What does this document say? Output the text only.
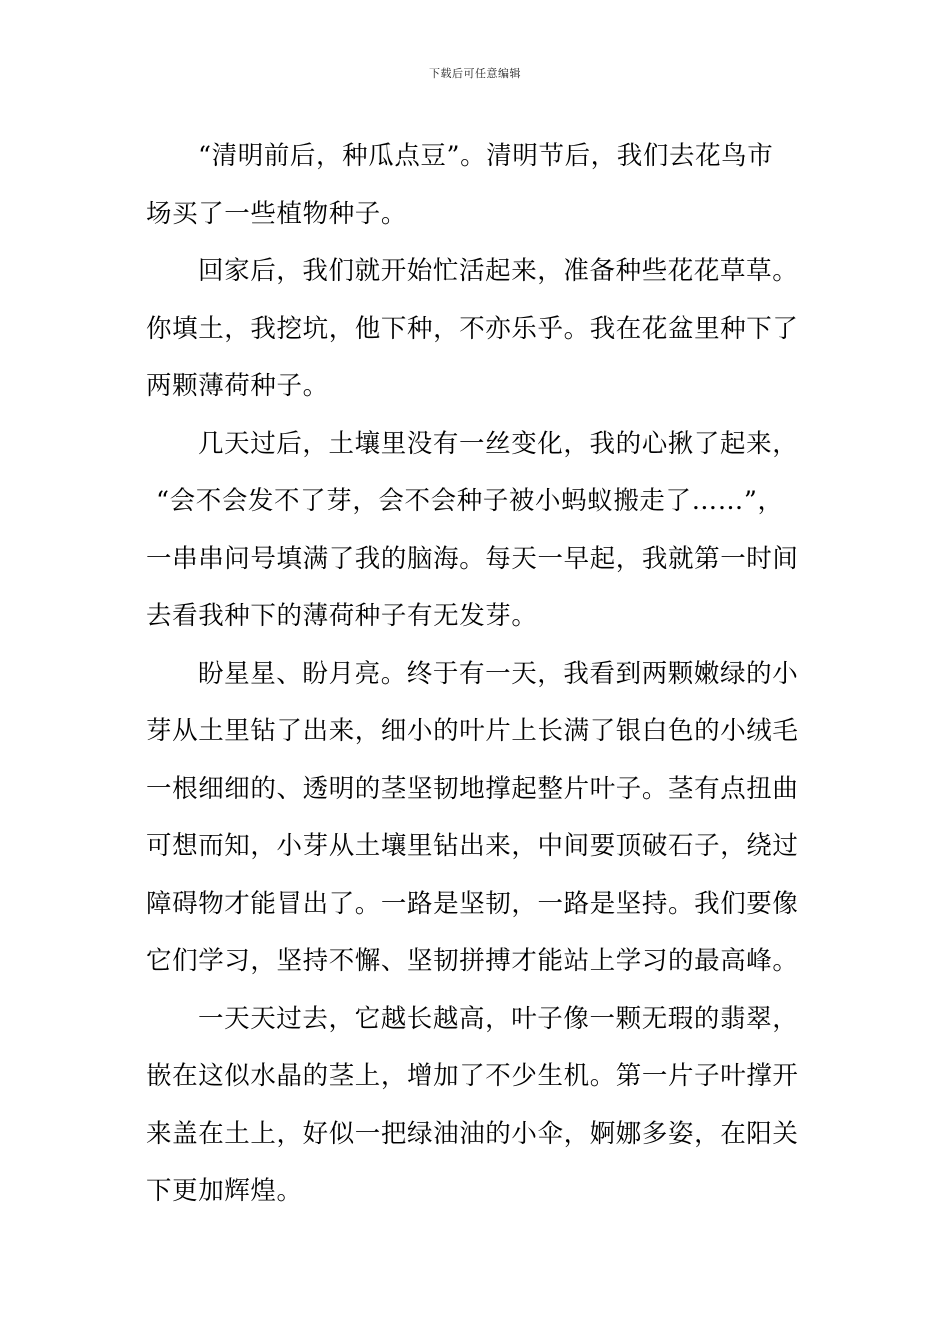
下载后可任意编辑
“清明前后，种瓜点豆”。清明节后，我们去花鸟市
场买了一些植物种子。
回家后，我们就开始忙活起来，准备种些花花草草。
你填土，我挖坑，他下种，不亦乐乎。我在花盆里种下了
两颗薄荷种子。
几天过后，土壤里没有一丝变化，我的心揪了起来，
“会不会发不了芽，会不会种子被小蚂蚁搬走了……”，
一串串问号填满了我的脑海。每天一早起，我就第一时间
去看我种下的薄荷种子有无发芽。
盼星星、盼月亮。终于有一天，我看到两颗嫩绿的小
芽从土里钻了出来，细小的叶片上长满了银白色的小绒毛
一根细细的、透明的茎坚韧地撑起整片叶子。茎有点扭曲
可想而知，小芽从土壤里钻出来，中间要顶破石子，绕过
障碍物才能冒出了。一路是坚韧，一路是坚持。我们要像
它们学习，坚持不懈、坚韧拼搏才能站上学习的最高峰。
一天天过去，它越长越高，叶子像一颗无瑕的翡翠，
嵌在这似水晶的茎上，增加了不少生机。第一片子叶撑开
来盖在土上，好似一把绿油油的小伞，婀娜多姿，在阳关
下更加辉煌。
